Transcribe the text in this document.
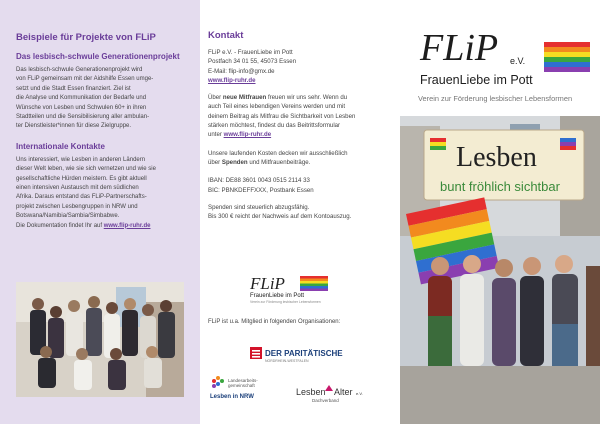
Beispiele für Projekte von FLiP
Das lesbisch-schwule Generationenprojekt
Das lesbisch-schwule Generationenprojekt wird
von FLiP gemeinsam mit der Aidshilfe Essen umge-
setzt und die Stadt Essen finanziert. Ziel ist
die Analyse und Kommunikation der Bedarfe und
Wünsche von Lesben und Schwulen 60+ in ihren
Stadtteilen und die Sensibilisierung aller ambulan-
ter Dienstleister*innen für diese Zielgruppe.
Internationale Kontakte
Uns interessiert, wie Lesben in anderen Ländern
dieser Welt leben, wie sie sich vernetzen und wie sie
gesellschaftliche Hürden meistern. Es gibt aktuell
einen intensiven Austausch mit dem südlichen
Afrika. Daraus entstand das FLiP-Partnerschafts-
projekt zwischen Lesbengruppen in NRW und
Botswana/Namibia/Sambia/Simbabwe.
Die Dokumentation findet Ihr auf www.flip-ruhr.de
Kontakt
FLiP e.V. - FrauenLiebe im Pott
Postfach 34 01 55, 45073 Essen
E-Mail: flip-info@gmx.de
www.flip-ruhr.de
Über neue Mitfrauen freuen wir uns sehr. Wenn du
auch Teil eines lebendigen Vereins werden und mit
deinem Beitrag als Mitfrau die Sichtbarkeit von Lesben
stärken möchtest, findest du das Beitrittsformular
unter www.flip-ruhr.de
Unsere laufenden Kosten decken wir ausschließlich
über Spenden und Mitfrauenbeiträge.
IBAN: DE88 3601 0043 0515 2114 33
BIC: PBNKDEFFXXX, Postbank Essen
Spenden sind steuerlich abzugsfähig.
Bis 300 € reicht der Nachweis auf dem Kontoauszug.
FLiP
FrauenLiebe im Pott
Verein zur Förderung lesbischer Lebensformen
FLiP ist u.a. Mitglied in folgenden Organisationen:
DER PARITÄTISCHE
NORDRHEIN-WESTFALEN
Landesarbeits-
gemeinschaft
Lesben in NRW	Lesben Alter e.V.
Dachverband
FLiP e.V.
FrauenLiebe im Pott
Verein zur Förderung lesbischer Lebensformen
Lesben
bunt fröhlich sichtbar
